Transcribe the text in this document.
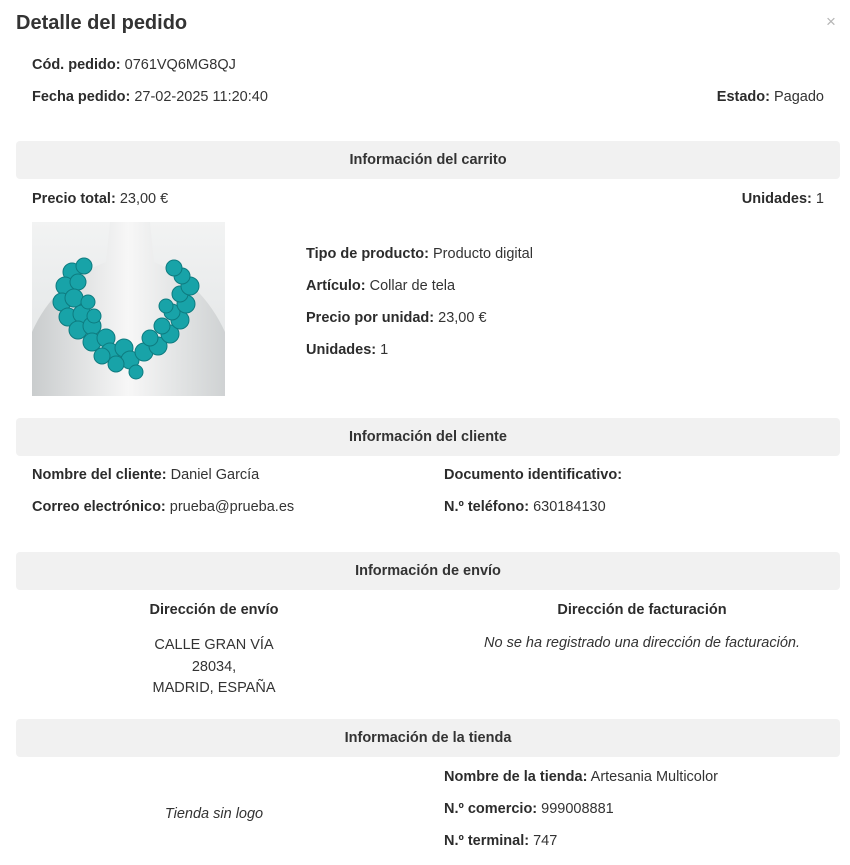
Detalle del pedido	×
Cód. pedido: 0761VQ6MG8QJ
Fecha pedido: 27-02-2025 11:20:40	Estado: Pagado
Información del carrito
Precio total: 23,00 €	Unidades: 1
Tipo de producto: Producto digital
Artículo: Collar de tela
Precio por unidad: 23,00 €
Unidades: 1
Información del cliente
Nombre del cliente: Daniel García	Documento identificativo:
Correo electrónico: prueba@prueba.es	N.º teléfono: 630184130
Información de envío
Dirección de envío
CALLE GRAN VÍA
28034,
MADRID, ESPAÑA
Dirección de facturación
No se ha registrado una dirección de facturación.
Información de la tienda
Tienda sin logo
Nombre de la tienda: Artesania Multicolor
N.º comercio: 999008881
N.º terminal: 747
